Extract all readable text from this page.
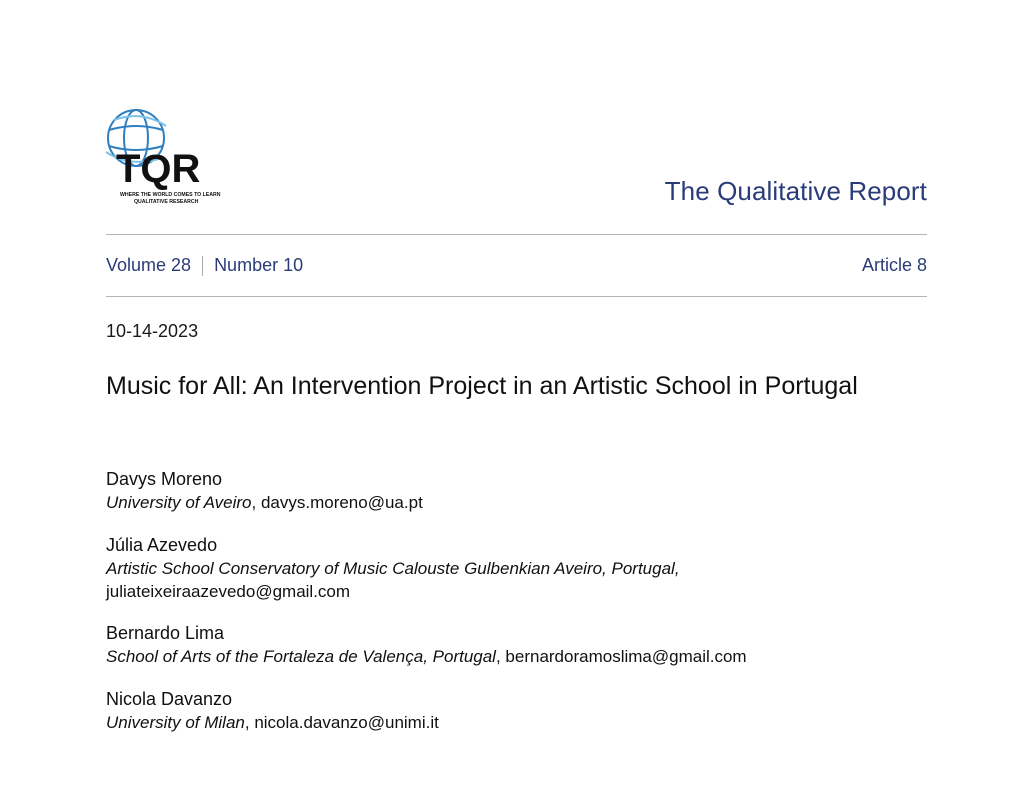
TQR
WHERE THE WORLD COMES TO LEARN
QUALITATIVE RESEARCH	The Qualitative Report
Volume 28 Number 10	Article 8
10-14-2023
Music for All: An Intervention Project in an Artistic School in Portugal
Davys Moreno
University of Aveiro, davys.moreno@ua.pt
Júlia Azevedo
Artistic School Conservatory of Music Calouste Gulbenkian Aveiro, Portugal,
juliateixeiraazevedo@gmail.com
Bernardo Lima
School of Arts of the Fortaleza de Valença, Portugal, bernardoramoslima@gmail.com
Nicola Davanzo
University of Milan, nicola.davanzo@unimi.it
